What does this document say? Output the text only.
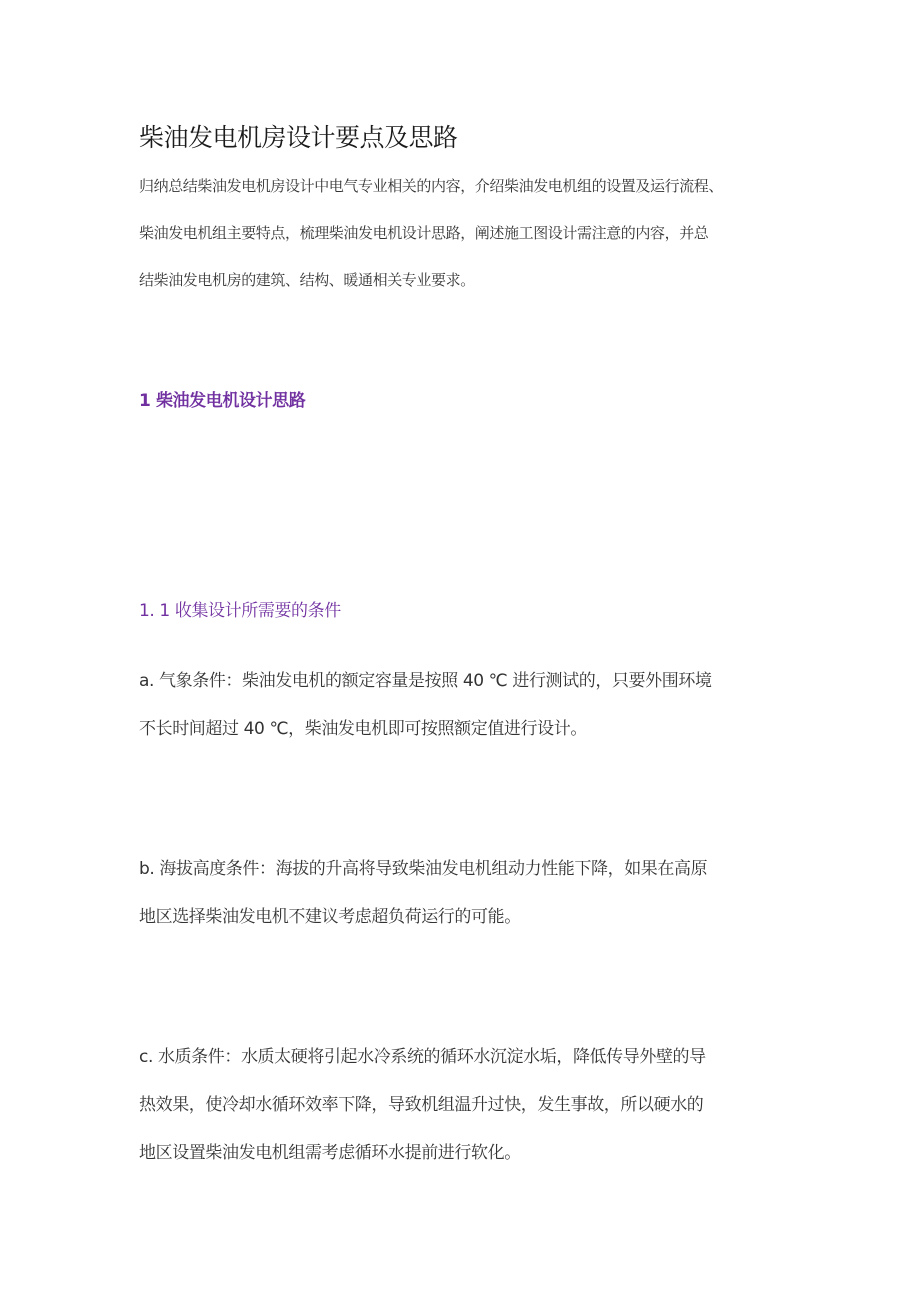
柴油发电机房设计要点及思路
归纳总结柴油发电机房设计中电气专业相关的内容，介绍柴油发电机组的设置及运行流程、
柴油发电机组主要特点，梳理柴油发电机设计思路，阐述施工图设计需注意的内容，并总
结柴油发电机房的建筑、结构、暖通相关专业要求。
1 柴油发电机设计思路
1. 1 收集设计所需要的条件
a. 气象条件：柴油发电机的额定容量是按照 40 ℃ 进行测试的，只要外围环境
不长时间超过 40 ℃，柴油发电机即可按照额定值进行设计。
b. 海拔高度条件：海拔的升高将导致柴油发电机组动力性能下降，如果在高原
地区选择柴油发电机不建议考虑超负荷运行的可能。
c. 水质条件：水质太硬将引起水冷系统的循环水沉淀水垢，降低传导外壁的导
热效果，使冷却水循环效率下降，导致机组温升过快，发生事故，所以硬水的
地区设置柴油发电机组需考虑循环水提前进行软化。
